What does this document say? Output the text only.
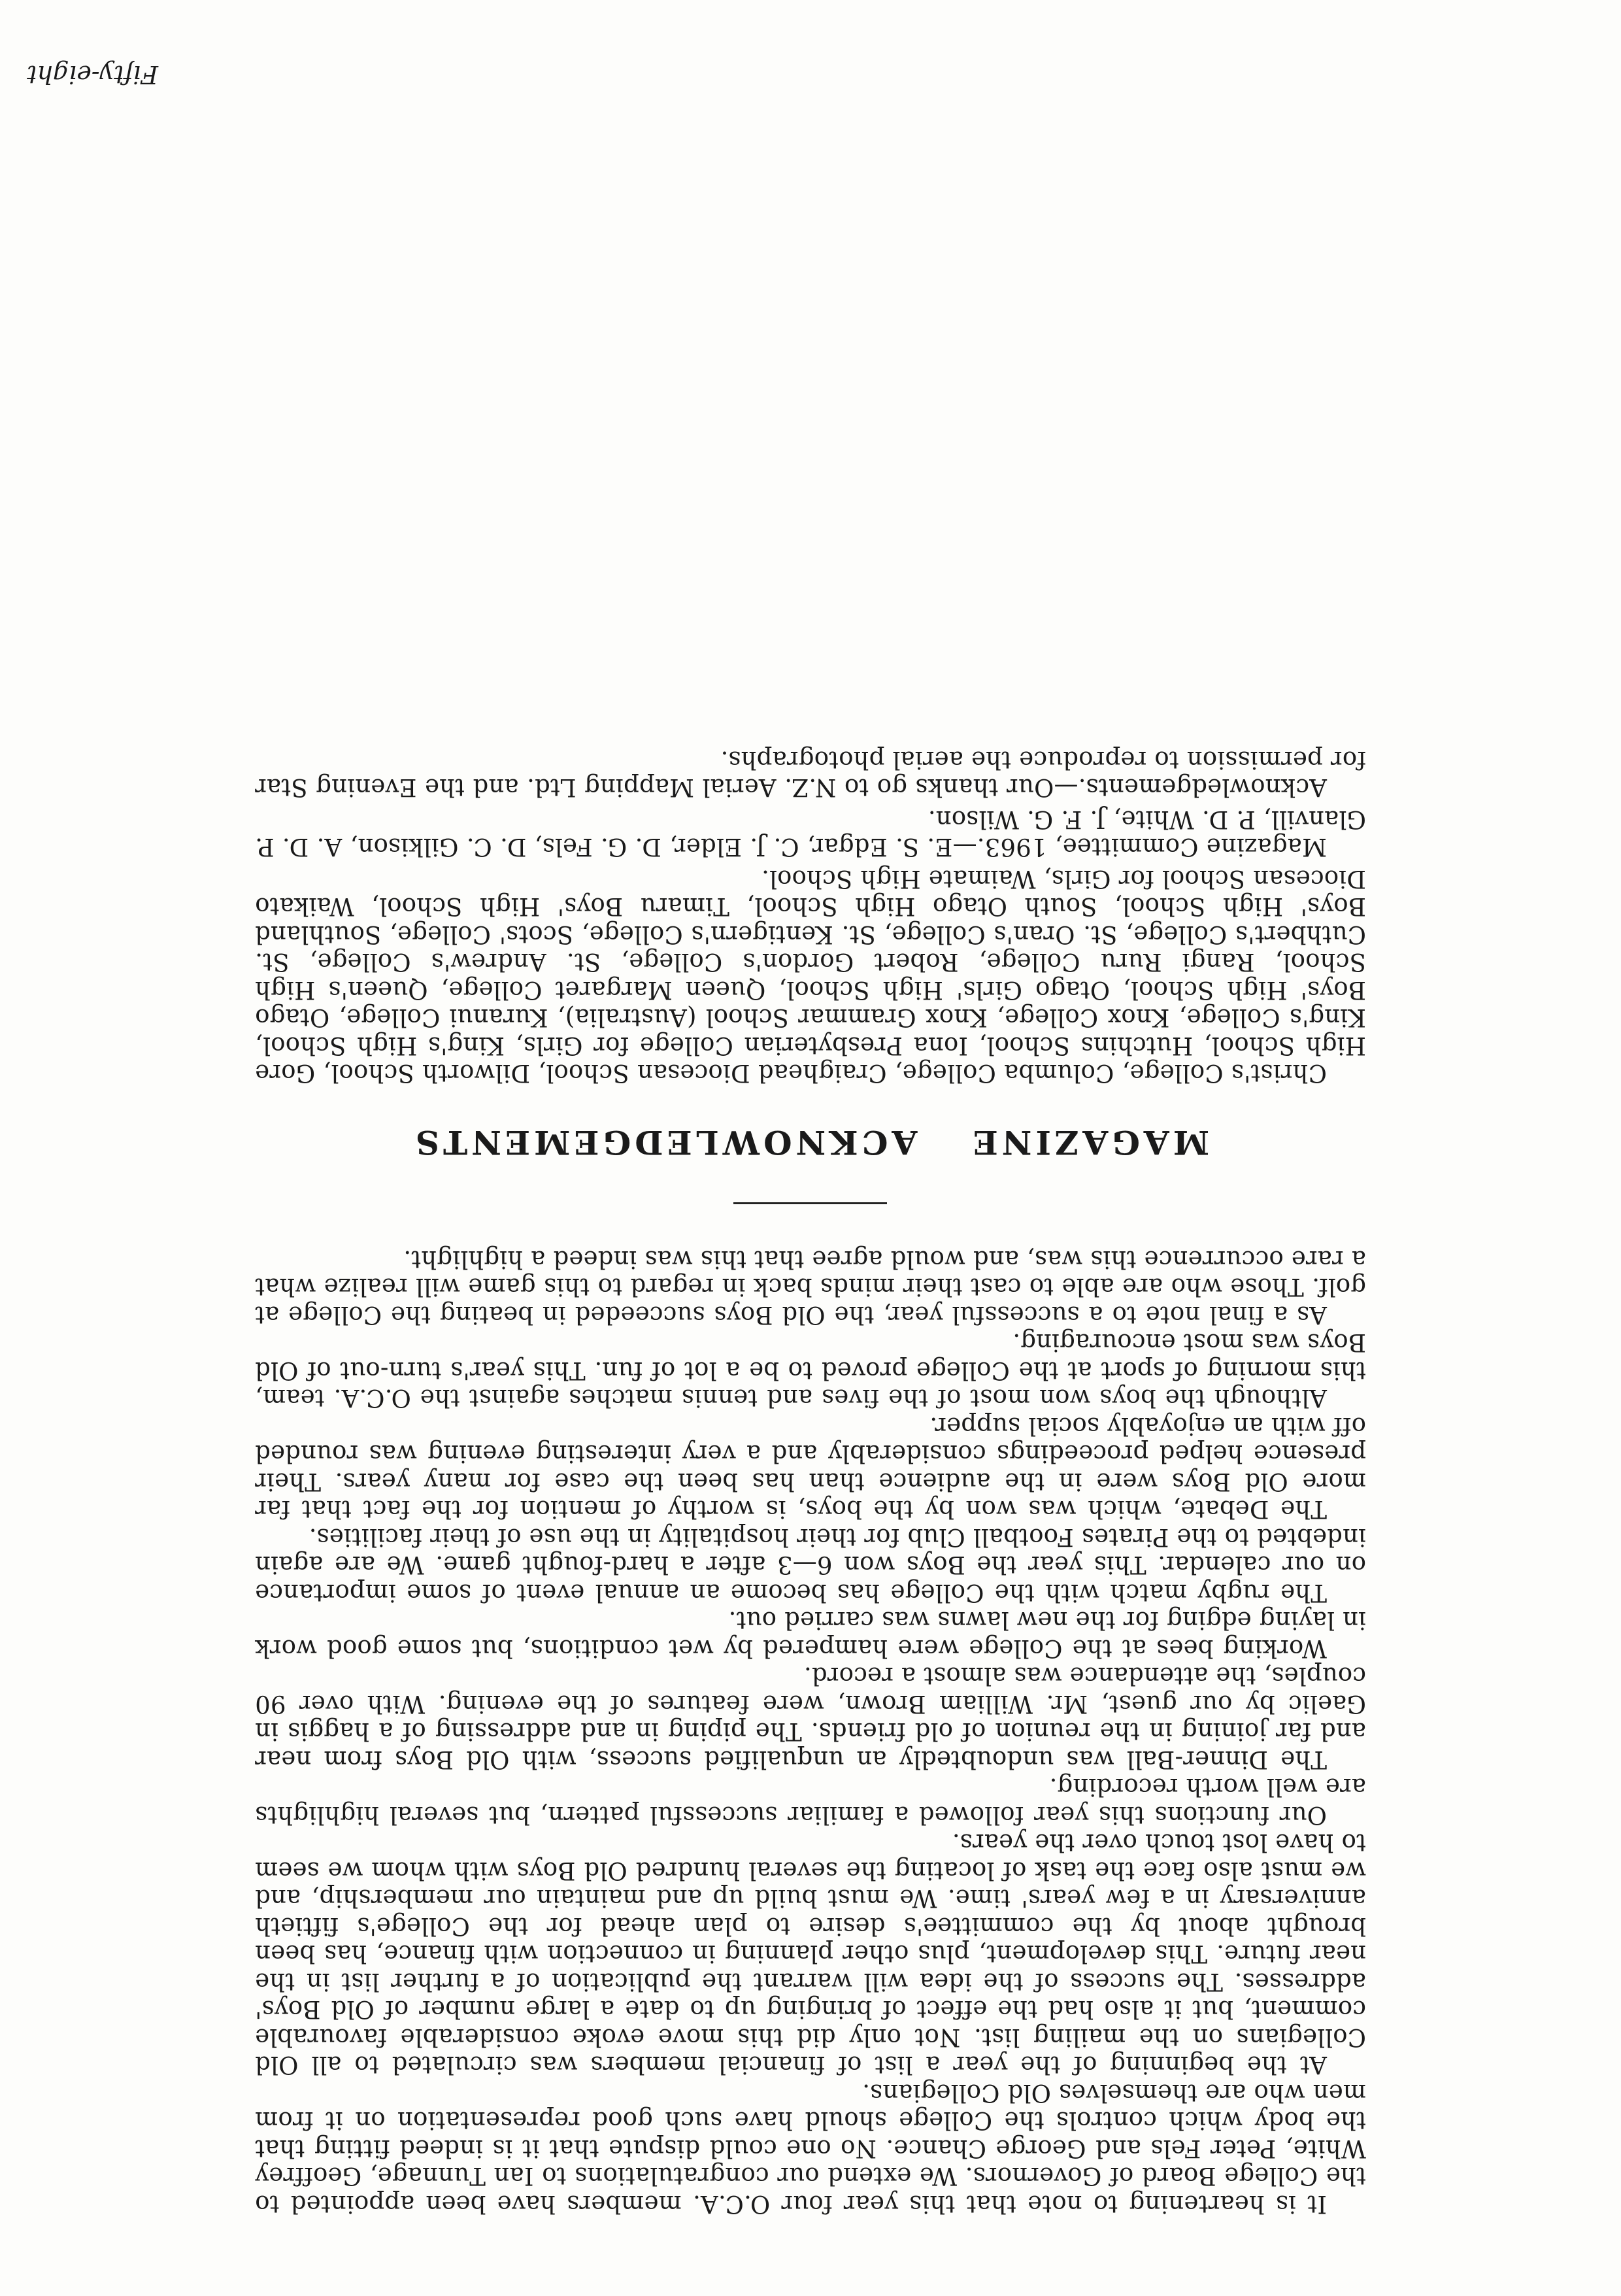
It is heartening to note that this year four O.C.A. members have been appointed to the College Board of Governors. We extend our congratulations to Ian Tunnage, Geoffrey White, Peter Fels and George Chance. No one could dispute that it is indeed fitting that the body which controls the College should have such good representation on it from men who are themselves Old Collegians.

At the beginning of the year a list of financial members was circulated to all Old Collegians on the mailing list. Not only did this move evoke considerable favourable comment, but it also had the effect of bringing up to date a large number of Old Boys' addresses. The success of the idea will warrant the publication of a further list in the near future. This development, plus other planning in connection with finance, has been brought about by the committee's desire to plan ahead for the College's fiftieth anniversary in a few years' time. We must build up and maintain our membership, and we must also face the task of locating the several hundred Old Boys with whom we seem to have lost touch over the years.

Our functions this year followed a familiar successful pattern, but several highlights are well worth recording.

The Dinner-Ball was undoubtedly an unqualified success, with Old Boys from near and far joining in the reunion of old friends. The piping in and addressing of a haggis in Gaelic by our guest, Mr. William Brown, were features of the evening. With over 90 couples, the attendance was almost a record.

Working bees at the College were hampered by wet conditions, but some good work in laying edging for the new lawns was carried out.

The rugby match with the College has become an annual event of some importance on our calendar. This year the Boys won 6—3 after a hard-fought game. We are again indebted to the Pirates Football Club for their hospitality in the use of their facilities.

The Debate, which was won by the boys, is worthy of mention for the fact that far more Old Boys were in the audience than has been the case for many years. Their presence helped proceedings considerably and a very interesting evening was rounded off with an enjoyably social supper.

Although the boys won most of the fives and tennis matches against the O.C.A. team, this morning of sport at the College proved to be a lot of fun. This year's turn-out of Old Boys was most encouraging.

As a final note to a successful year, the Old Boys succeeded in beating the College at golf. Those who are able to cast their minds back in regard to this game will realize what a rare occurrence this was, and would agree that this was indeed a highlight.

MAGAZINE ACKNOWLEDGEMENTS

Christ's College, Columba College, Craighead Diocesan School, Dilworth School, Gore High School, Hutchins School, Iona Presbyterian College for Girls, King's High School, King's College, Knox College, Knox Grammar School (Australia), Kuranui College, Otago Boys' High School, Otago Girls' High School, Queen Margaret College, Queen's High School, Rangi Ruru College, Robert Gordon's College, St. Andrew's College, St. Cuthbert's College, St. Oran's College, St. Kentigern's College, Scots' College, Southland Boys' High School, South Otago High School, Timaru Boys' High School, Waikato Diocesan School for Girls, Waimate High School.

Magazine Committee, 1963.—E. S. Edgar, C. J. Elder, D. G. Fels, D. C. Gilkison, A. D. P. Glanvill, P. D. White, J. F. G. Wilson.

Acknowledgements.—Our thanks go to N.Z. Aerial Mapping Ltd. and the Evening Star for permission to reproduce the aerial photographs.

Fifty-eight
